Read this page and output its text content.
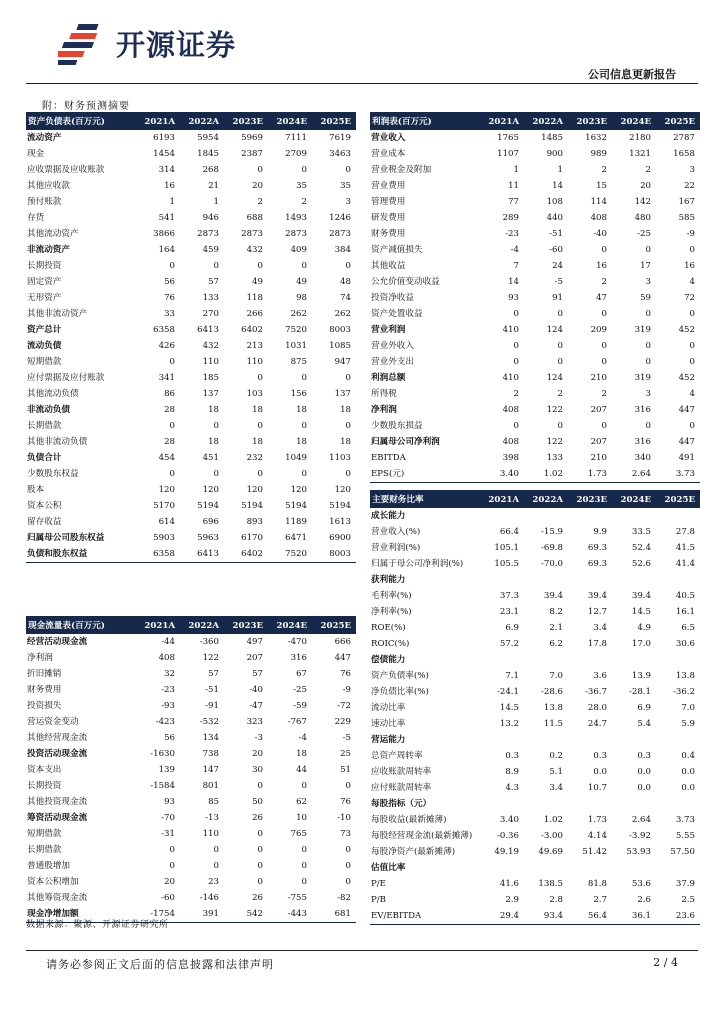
开源证券
公司信息更新报告
附：财务预测摘要
资产负债表(百万元)	2021A	2022A	2023E	2024E	2025E
流动资产	6193	5954	5969	7111	7619
现金	1454	1845	2387	2709	3463
应收票据及应收账款	314	268	0	0	0
其他应收款	16	21	20	35	35
预付账款	1	1	2	2	3
存货	541	946	688	1493	1246
其他流动资产	3866	2873	2873	2873	2873
非流动资产	164	459	432	409	384
长期投资	0	0	0	0	0
固定资产	56	57	49	49	48
无形资产	76	133	118	98	74
其他非流动资产	33	270	266	262	262
资产总计	6358	6413	6402	7520	8003
流动负债	426	432	213	1031	1085
短期借款	0	110	110	875	947
应付票据及应付账款	341	185	0	0	0
其他流动负债	86	137	103	156	137
非流动负债	28	18	18	18	18
长期借款	0	0	0	0	0
其他非流动负债	28	18	18	18	18
负债合计	454	451	232	1049	1103
少数股东权益	0	0	0	0	0
股本	120	120	120	120	120
资本公积	5170	5194	5194	5194	5194
留存收益	614	696	893	1189	1613
归属母公司股东权益	5903	5963	6170	6471	6900
负债和股东权益	6358	6413	6402	7520	8003
现金流量表(百万元)	2021A	2022A	2023E	2024E	2025E
经营活动现金流	-44	-360	497	-470	666
净利润	408	122	207	316	447
折旧摊销	32	57	57	67	76
财务费用	-23	-51	-40	-25	-9
投资损失	-93	-91	-47	-59	-72
营运资金变动	-423	-532	323	-767	229
其他经营现金流	56	134	-3	-4	-5
投资活动现金流	-1630	738	20	18	25
资本支出	139	147	30	44	51
长期投资	-1584	801	0	0	0
其他投资现金流	93	85	50	62	76
筹资活动现金流	-70	-13	26	10	-10
短期借款	-31	110	0	765	73
长期借款	0	0	0	0	0
普通股增加	0	0	0	0	0
资本公积增加	20	23	0	0	0
其他筹资现金流	-60	-146	26	-755	-82
现金净增加额	-1754	391	542	-443	681
利润表(百万元)	2021A	2022A	2023E	2024E	2025E
营业收入	1765	1485	1632	2180	2787
营业成本	1107	900	989	1321	1658
营业税金及附加	1	1	2	2	3
营业费用	11	14	15	20	22
管理费用	77	108	114	142	167
研发费用	289	440	408	480	585
财务费用	-23	-51	-40	-25	-9
资产减值损失	-4	-60	0	0	0
其他收益	7	24	16	17	16
公允价值变动收益	14	-5	2	3	4
投资净收益	93	91	47	59	72
资产处置收益	0	0	0	0	0
营业利润	410	124	209	319	452
营业外收入	0	0	0	0	0
营业外支出	0	0	0	0	0
利润总额	410	124	210	319	452
所得税	2	2	2	3	4
净利润	408	122	207	316	447
少数股东损益	0	0	0	0	0
归属母公司净利润	408	122	207	316	447
EBITDA	398	133	210	340	491
EPS(元)	3.40	1.02	1.73	2.64	3.73
主要财务比率	2021A	2022A	2023E	2024E	2025E
成长能力					
营业收入(%)	66.4	-15.9	9.9	33.5	27.8
营业利润(%)	105.1	-69.8	69.3	52.4	41.5
归属于母公司净利润(%)	105.5	-70.0	69.3	52.6	41.4
获利能力					
毛利率(%)	37.3	39.4	39.4	39.4	40.5
净利率(%)	23.1	8.2	12.7	14.5	16.1
ROE(%)	6.9	2.1	3.4	4.9	6.5
ROIC(%)	57.2	6.2	17.8	17.0	30.6
偿债能力					
资产负债率(%)	7.1	7.0	3.6	13.9	13.8
净负债比率(%)	-24.1	-28.6	-36.7	-28.1	-36.2
流动比率	14.5	13.8	28.0	6.9	7.0
速动比率	13.2	11.5	24.7	5.4	5.9
营运能力					
总资产周转率	0.3	0.2	0.3	0.3	0.4
应收账款周转率	8.9	5.1	0.0	0.0	0.0
应付账款周转率	4.3	3.4	10.7	0.0	0.0
每股指标（元）					
每股收益(最新摊薄)	3.40	1.02	1.73	2.64	3.73
每股经营现金流(最新摊薄)	-0.36	-3.00	4.14	-3.92	5.55
每股净资产(最新摊薄)	49.19	49.69	51.42	53.93	57.50
估值比率					
P/E	41.6	138.5	81.8	53.6	37.9
P/B	2.9	2.8	2.7	2.6	2.5
EV/EBITDA	29.4	93.4	56.4	36.1	23.6
数据来源：聚源、开源证券研究所
请务必参阅正文后面的信息披露和法律声明	2 / 4
